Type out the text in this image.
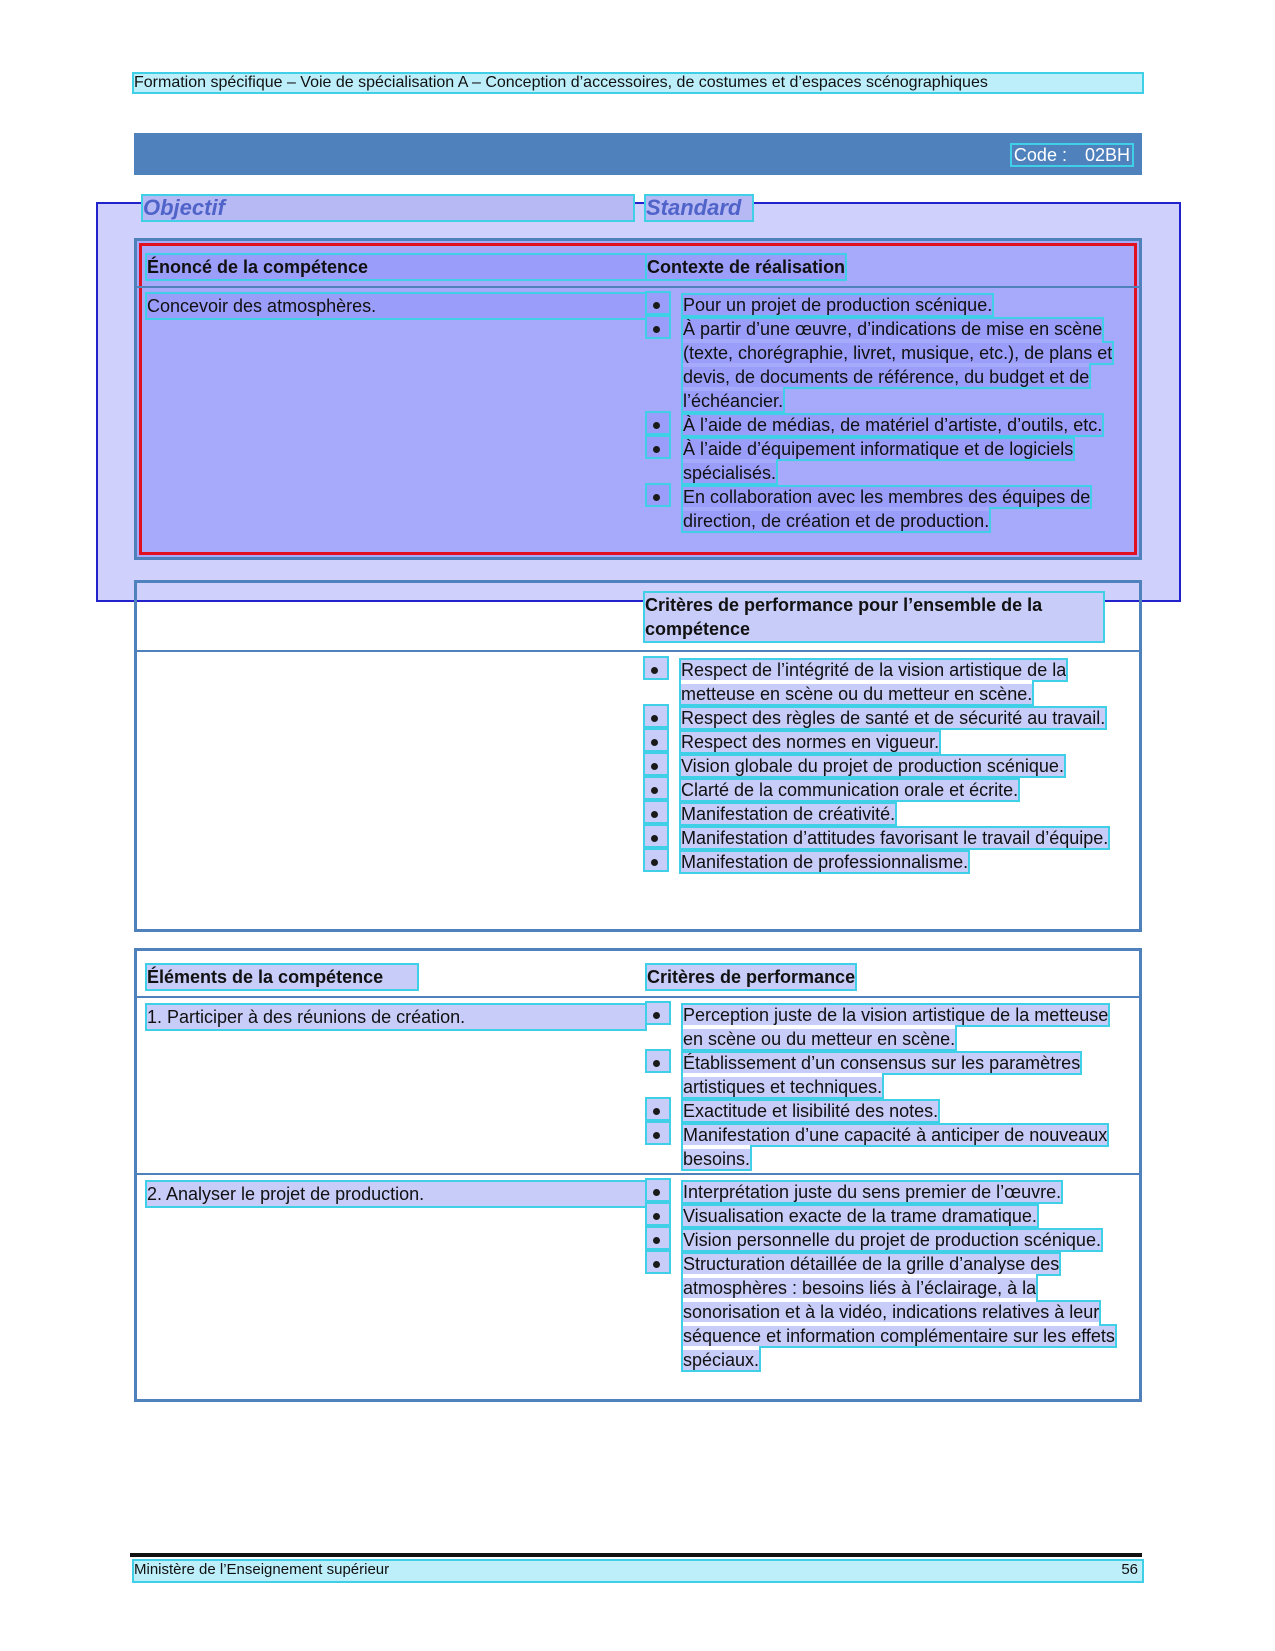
Formation spécifique – Voie de spécialisation A – Conception d’accessoires, de costumes et d’espaces scénographiques
Code : 02BH
Objectif	Standard
Énoncé de la compétence	Contexte de réalisation
Concevoir des atmosphères.	Pour un projet de production scénique.
À partir d’une œuvre, d’indications de mise en scène (texte, chorégraphie, livret, musique, etc.), de plans et devis, de documents de référence, du budget et de l’échéancier.
À l’aide de médias, de matériel d’artiste, d’outils, etc.
À l’aide d’équipement informatique et de logiciels spécialisés.
En collaboration avec les membres des équipes de direction, de création et de production.
Critères de performance pour l’ensemble de la compétence
Respect de l’intégrité de la vision artistique de la metteuse en scène ou du metteur en scène.
Respect des règles de santé et de sécurité au travail.
Respect des normes en vigueur.
Vision globale du projet de production scénique.
Clarté de la communication orale et écrite.
Manifestation de créativité.
Manifestation d’attitudes favorisant le travail d’équipe.
Manifestation de professionnalisme.
Éléments de la compétence	Critères de performance
1. Participer à des réunions de création.	Perception juste de la vision artistique de la metteuse en scène ou du metteur en scène.
Établissement d’un consensus sur les paramètres artistiques et techniques.
Exactitude et lisibilité des notes.
Manifestation d’une capacité à anticiper de nouveaux besoins.
2. Analyser le projet de production.	Interprétation juste du sens premier de l’œuvre.
Visualisation exacte de la trame dramatique.
Vision personnelle du projet de production scénique.
Structuration détaillée de la grille d’analyse des atmosphères : besoins liés à l’éclairage, à la sonorisation et à la vidéo, indications relatives à leur séquence et information complémentaire sur les effets spéciaux.
Ministère de l’Enseignement supérieur	56
